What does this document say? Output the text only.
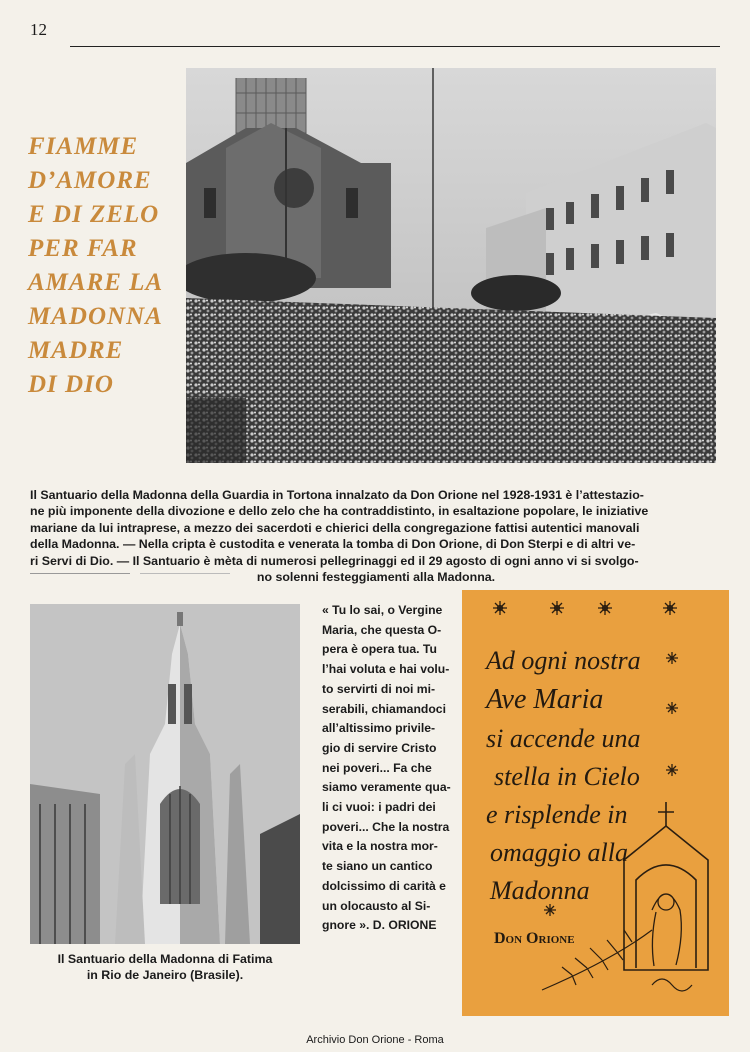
12
FIAMME
D’AMORE
E DI ZELO
PER FAR
AMARE LA
MADONNA
MADRE
DI DIO
Il Santuario della Madonna della Guardia in Tortona innalzato da Don Orione nel 1928-1931 è l’attestazio-
ne più imponente della divozione e dello zelo che ha contraddistinto, in esaltazione popolare, le iniziative
mariane da lui intraprese, a mezzo dei sacerdoti e chierici della congregazione fattisi autentici manovali
della Madonna. — Nella cripta è custodita e venerata la tomba di Don Orione, di Don Sterpi e di altri ve-
ri Servi di Dio. — Il Santuario è mèta di numerosi pellegrinaggi ed il 29 agosto di ogni anno vi si svolgo-
no solenni festeggiamenti alla Madonna.
Il Santuario della Madonna di Fatima
in Rio de Janeiro (Brasile).

« Tu lo sai, o Vergine

Maria, che questa O-

pera è opera tua. Tu

l’hai voluta e hai volu-

to servirti di noi mi-

serabili, chiamandoci

all’altissimo privile-

gio di servire Cristo

nei poveri... Fa che

siamo veramente qua-

li ci vuoi: i padri dei

poveri... Che la nostra

vita e la nostra mor-

te siano un cantico

dolcissimo di carità e

un olocausto al Si-

gnore ». D. ORIONE

Ad ogni nostra
Ave Maria
si accende una
stella in Cielo
e risplende in
omaggio alla
Madonna
Don Orione
Archivio Don Orione - Roma
